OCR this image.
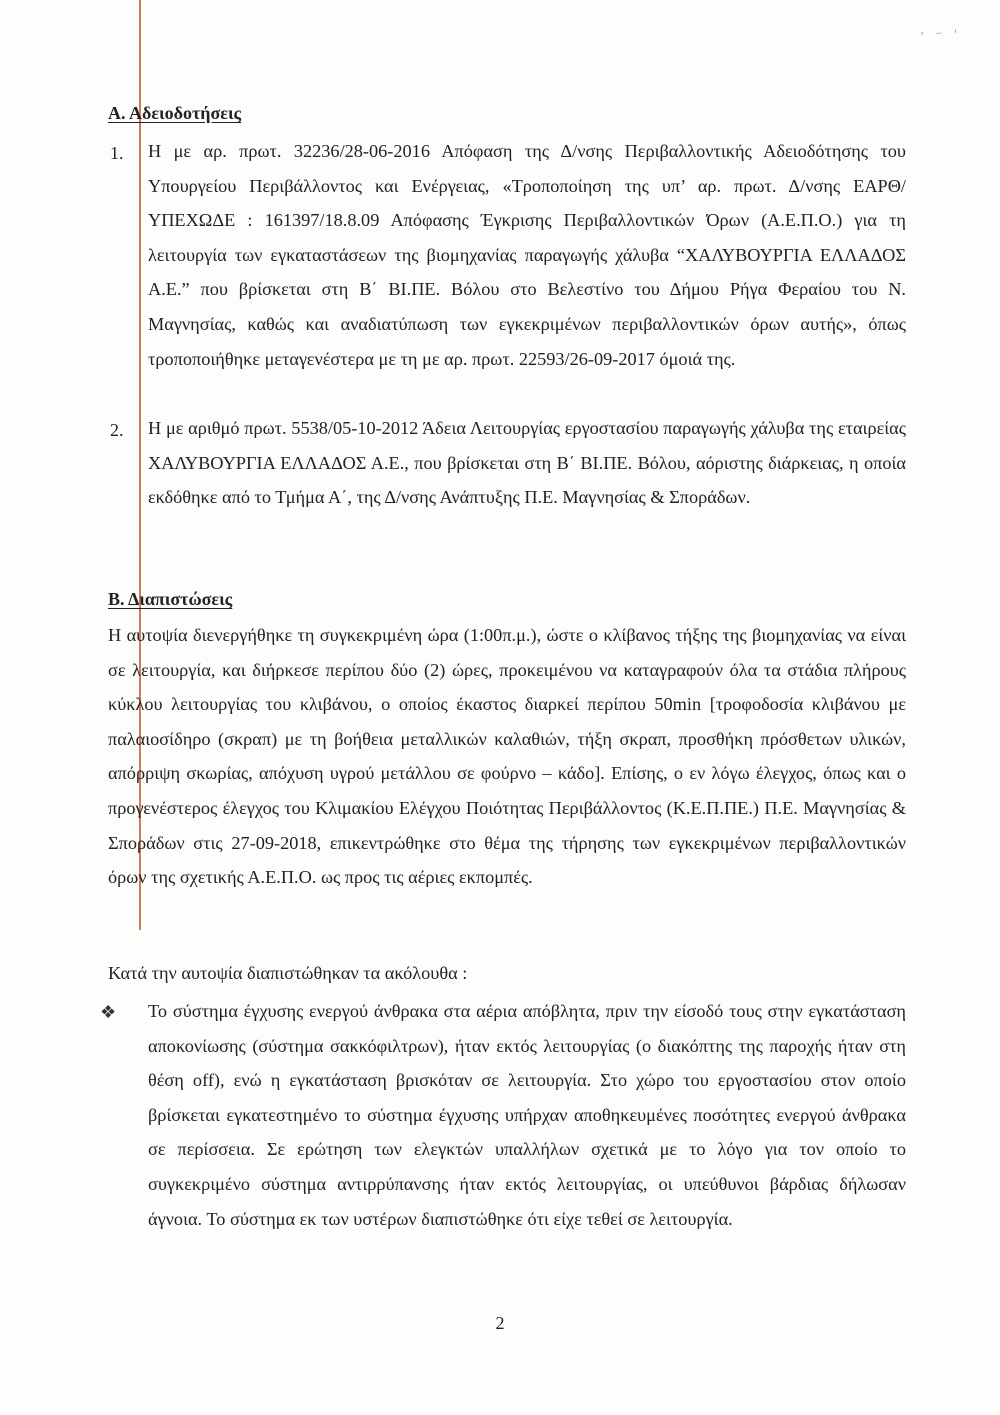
ʹ ⁻ ʹ
Α. Αδειοδοτήσεις
1. Η με αρ. πρωτ. 32236/28-06-2016 Απόφαση της Δ/νσης Περιβαλλοντικής Αδειοδότησης του Υπουργείου Περιβάλλοντος και Ενέργειας, «Τροποποίηση της υπ’ αρ. πρωτ. Δ/νσης ΕΑΡΘ/ΥΠΕΧΩΔΕ : 161397/18.8.09 Απόφασης Έγκρισης Περιβαλλοντικών Όρων (Α.Ε.Π.Ο.) για τη λειτουργία των εγκαταστάσεων της βιομηχανίας παραγωγής χάλυβα “ΧΑΛΥΒΟΥΡΓΙΑ ΕΛΛΑΔΟΣ Α.Ε.” που βρίσκεται στη Β΄ ΒΙ.ΠΕ. Βόλου στο Βελεστίνο του Δήμου Ρήγα Φεραίου του Ν. Μαγνησίας, καθώς και αναδιατύπωση των εγκεκριμένων περιβαλλοντικών όρων αυτής», όπως τροποποιήθηκε μεταγενέστερα με τη με αρ. πρωτ. 22593/26-09-2017 όμοιά της.

2. Η με αριθμό πρωτ. 5538/05-10-2012 Άδεια Λειτουργίας εργοστασίου παραγωγής χάλυβα της εταιρείας ΧΑΛΥΒΟΥΡΓΙΑ ΕΛΛΑΔΟΣ Α.Ε., που βρίσκεται στη Β΄ ΒΙ.ΠΕ. Βόλου, αόριστης διάρκειας, η οποία εκδόθηκε από το Τμήμα Α΄, της Δ/νσης Ανάπτυξης Π.Ε. Μαγνησίας & Σποράδων.

Β. Διαπιστώσεις

Η αυτοψία διενεργήθηκε τη συγκεκριμένη ώρα (1:00π.μ.), ώστε ο κλίβανος τήξης της βιομηχανίας να είναι σε λειτουργία, και διήρκεσε περίπου δύο (2) ώρες, προκειμένου να καταγραφούν όλα τα στάδια πλήρους κύκλου λειτουργίας του κλιβάνου, ο οποίος έκαστος διαρκεί περίπου 50min [τροφοδοσία κλιβάνου με παλαιοσίδηρο (σκραπ) με τη βοήθεια μεταλλικών καλαθιών, τήξη σκραπ, προσθήκη πρόσθετων υλικών, απόρριψη σκωρίας, απόχυση υγρού μετάλλου σε φούρνο – κάδο]. Επίσης, ο εν λόγω έλεγχος, όπως και ο προγενέστερος έλεγχος του Κλιμακίου Ελέγχου Ποιότητας Περιβάλλοντος (Κ.Ε.Π.ΠΕ.) Π.Ε. Μαγνησίας & Σποράδων στις 27-09-2018, επικεντρώθηκε στο θέμα της τήρησης των εγκεκριμένων περιβαλλοντικών όρων της σχετικής Α.Ε.Π.Ο. ως προς τις αέριες εκπομπές.

Κατά την αυτοψία διαπιστώθηκαν τα ακόλουθα :

❖ Το σύστημα έγχυσης ενεργού άνθρακα στα αέρια απόβλητα, πριν την είσοδό τους στην εγκατάσταση αποκονίωσης (σύστημα σακκόφιλτρων), ήταν εκτός λειτουργίας (ο διακόπτης της παροχής ήταν στη θέση off), ενώ η εγκατάσταση βρισκόταν σε λειτουργία. Στο χώρο του εργοστασίου στον οποίο βρίσκεται εγκατεστημένο το σύστημα έγχυσης υπήρχαν αποθηκευμένες ποσότητες ενεργού άνθρακα σε περίσσεια. Σε ερώτηση των ελεγκτών υπαλλήλων σχετικά με το λόγο για τον οποίο το συγκεκριμένο σύστημα αντιρρύπανσης ήταν εκτός λειτουργίας, οι υπεύθυνοι βάρδιας δήλωσαν άγνοια. Το σύστημα εκ των υστέρων διαπιστώθηκε ότι είχε τεθεί σε λειτουργία.

2
